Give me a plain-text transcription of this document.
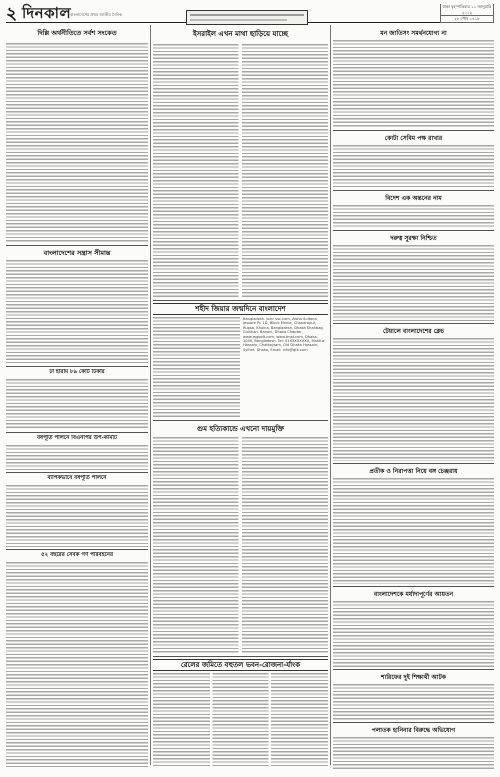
২ দিনকাল
বাংলাদেশের প্রথম জাতীয় দৈনিক
ঢাকা বৃহস্পতিবার ১১ জানুয়ারি ২০১২
২৮ পৌষ ১৪১৮
দিল্লি অর্থনীতিতে সর্বশ সংকেত
বাংলাদেশের সন্ত্রাস সীমান্ত
ঢা হারাম ৮৯ কোর্ট টিকার
বর্ষপূর্তি পালনে বিএনপির উপ-কমিটি
ব্যাপকভাবে বর্ষপূর্তি পালনে
৫২ বছরের সেবক গণ পরিবহনের
ইসরাইল এখন মাথা ছাড়িয়ে যাচ্ছে
শহীদ জিয়ার জন্মদিনে বাংলাদেশ
Bangladesh. Join: ssc.com, Aisha Sultana, Jessore Pr. 1D, Block Mnine, Chandrapur, Rupsa, Khulna, Bangladesh. Dhaka Shahbag, Gulshan, Banani, Dhaka Chapter, www.mgsoft.com, www.tmst.com, Dhaka-1000, Bangladesh. Tel: 01XXXXXXXX, Mahfuz Hossain, Chattogram, Old Dhaka Hossain, Sylhet. Dhaka, Email: info@gtk.com
গুম হত্যিকান্ডে এখনো দায়মুক্তি
রেলের জমিতে বহুতল ভবন-রোজনা-র্যাংক
মন জাতিসং সমর্থনযোগ্য না
কোটা সেবিম পক্ষ রাখার
বিদেশ এক অন্তনের নাম
দরুত্ব সুরক্ষা নিশ্চিত
টেয়ালে বাংলাদেশের ক্লেচ
প্রতীক ও নিরাপত্তা নিয়ে বঙ্গ চেঞ্জরায়
বাংলাদেশকে মর্যাদাপূর্ণের আয়তন
শারিফের দুই শিক্ষার্থী আটক
পলাতক হানিনার বিরুদ্ধে অভিযোগ
